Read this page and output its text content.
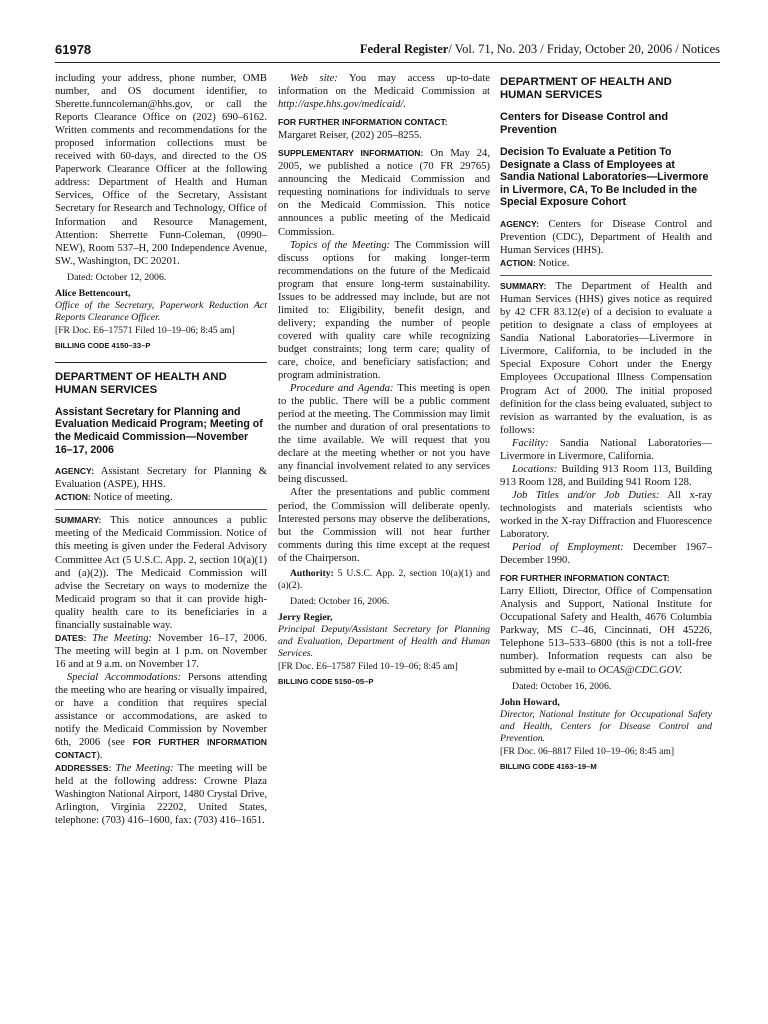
61978	Federal Register/ Vol. 71, No. 203 / Friday, October 20, 2006 / Notices

including your address, phone number, OMB number, and OS document identifier, to Sherette.funncoleman@hhs.gov, or call the Reports Clearance Office on (202) 690–6162. Written comments and recommendations for the proposed information collections must be received with 60-days, and directed to the OS Paperwork Clearance Officer at the following address: Department of Health and Human Services, Office of the Secretary, Assistant Secretary for Research and Technology, Office of Information and Resource Management, Attention: Sherrette Funn-Coleman, (0990–NEW), Room 537–H, 200 Independence Avenue, SW., Washington, DC 20201.

Dated: October 12, 2006.

Alice Bettencourt,

Office of the Secretary, Paperwork Reduction Act Reports Clearance Officer.

[FR Doc. E6–17571 Filed 10–19–06; 8:45 am]

BILLING CODE 4150–33–P

DEPARTMENT OF HEALTH AND HUMAN SERVICES
Assistant Secretary for Planning and Evaluation Medicaid Program; Meeting of the Medicaid Commission—November 16–17, 2006

AGENCY: Assistant Secretary for Planning & Evaluation (ASPE), HHS.

ACTION: Notice of meeting.

SUMMARY: This notice announces a public meeting of the Medicaid Commission. Notice of this meeting is given under the Federal Advisory Committee Act (5 U.S.C. App. 2, section 10(a)(1) and (a)(2)). The Medicaid Commission will advise the Secretary on ways to modernize the Medicaid program so that it can provide high-quality health care to its beneficiaries in a financially sustainable way.

DATES: The Meeting: November 16–17, 2006. The meeting will begin at 1 p.m. on November 16 and at 9 a.m. on November 17.

Special Accommodations: Persons attending the meeting who are hearing or visually impaired, or have a condition that requires special assistance or accommodations, are asked to notify the Medicaid Commission by November 6th, 2006 (see FOR FURTHER INFORMATION CONTACT).

ADDRESSES: The Meeting: The meeting will be held at the following address: Crowne Plaza Washington National Airport, 1480 Crystal Drive, Arlington, Virginia 22202, United States, telephone: (703) 416–1600, fax: (703) 416–1651.

Web site: You may access up-to-date information on the Medicaid Commission at http://aspe.hhs.gov/medicaid/.

FOR FURTHER INFORMATION CONTACT:
Margaret Reiser, (202) 205–8255.

SUPPLEMENTARY INFORMATION: On May 24, 2005, we published a notice (70 FR 29765) announcing the Medicaid Commission and requesting nominations for individuals to serve on the Medicaid Commission. This notice announces a public meeting of the Medicaid Commission.

Topics of the Meeting: The Commission will discuss options for making longer-term recommendations on the future of the Medicaid program that ensure long-term sustainability. Issues to be addressed may include, but are not limited to: Eligibility, benefit design, and delivery; expanding the number of people covered with quality care while recognizing budget constraints; long term care; quality of care, choice, and beneficiary satisfaction; and program administration.

Procedure and Agenda: This meeting is open to the public. There will be a public comment period at the meeting. The Commission may limit the number and duration of oral presentations to the time available. We will request that you declare at the meeting whether or not you have any financial involvement related to any services being discussed.

After the presentations and public comment period, the Commission will deliberate openly. Interested persons may observe the deliberations, but the Commission will not hear further comments during this time except at the request of the Chairperson.

Authority: 5 U.S.C. App. 2, section 10(a)(1) and (a)(2).

Dated: October 16, 2006.

Jerry Regier,

Principal Deputy/Assistant Secretary for Planning and Evaluation, Department of Health and Human Services.

[FR Doc. E6–17587 Filed 10–19–06; 8:45 am]

BILLING CODE 5150–05–P

DEPARTMENT OF HEALTH AND HUMAN SERVICES
Centers for Disease Control and Prevention
Decision To Evaluate a Petition To Designate a Class of Employees at Sandia National Laboratories—Livermore in Livermore, CA, To Be Included in the Special Exposure Cohort

AGENCY: Centers for Disease Control and Prevention (CDC), Department of Health and Human Services (HHS).

ACTION: Notice.

SUMMARY: The Department of Health and Human Services (HHS) gives notice as required by 42 CFR 83.12(e) of a decision to evaluate a petition to designate a class of employees at Sandia National Laboratories—Livermore in Livermore, California, to be included in the Special Exposure Cohort under the Energy Employees Occupational Illness Compensation Program Act of 2000. The initial proposed definition for the class being evaluated, subject to revision as warranted by the evaluation, is as follows:

Facility: Sandia National Laboratories—Livermore in Livermore, California.

Locations: Building 913 Room 113, Building 913 Room 128, and Building 941 Room 128.

Job Titles and/or Job Duties: All x-ray technologists and materials scientists who worked in the X-ray Diffraction and Fluorescence Laboratory.

Period of Employment: December 1967–December 1990.

FOR FURTHER INFORMATION CONTACT:
Larry Elliott, Director, Office of Compensation Analysis and Support, National Institute for Occupational Safety and Health, 4676 Columbia Parkway, MS C–46, Cincinnati, OH 45226, Telephone 513–533–6800 (this is not a toll-free number). Information requests can also be submitted by e-mail to OCAS@CDC.GOV.

Dated: October 16, 2006.

John Howard,

Director, National Institute for Occupational Safety and Health, Centers for Disease Control and Prevention.

[FR Doc. 06–8817 Filed 10–19–06; 8:45 am]

BILLING CODE 4163–19–M
